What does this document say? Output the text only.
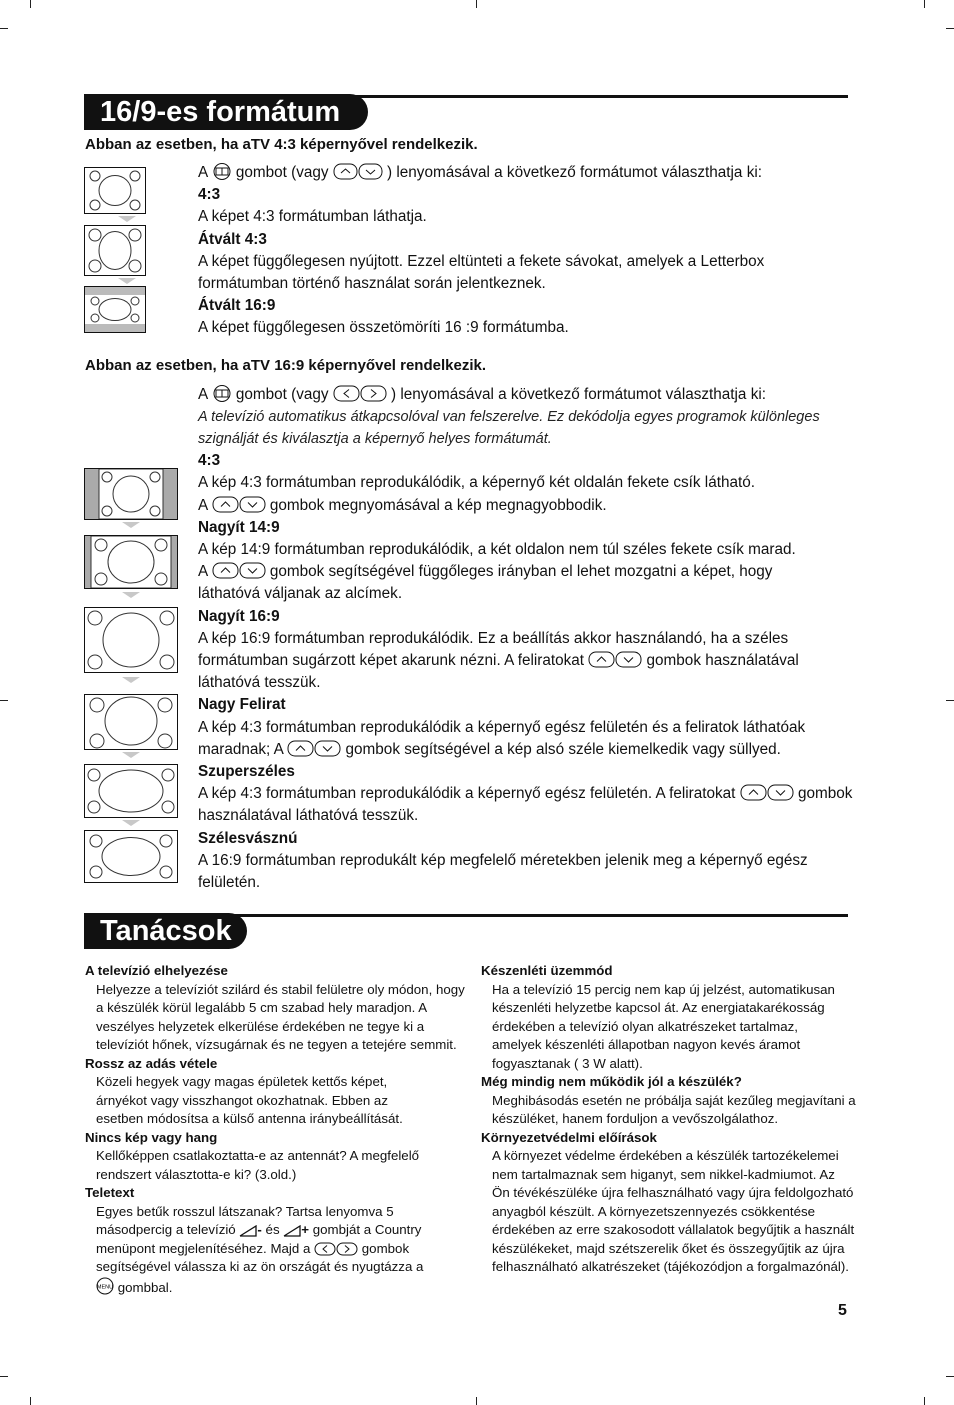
16/9-es formátum
Abban az esetben, ha aTV 4:3 képernyővel rendelkezik.

A gombot (vagy	) lenyomásával a következő formátumot választhatja ki:

4:3

A képet 4:3 formátumban láthatja.

Átvált 4:3

A képet függőlegesen nyújtott. Ezzel eltünteti a fekete sávokat, amelyek a Letterbox formátumban történő használat során jelentkeznek.

Átvált 16:9

A képet függőlegesen összetömöríti 16 :9 formátumba.

Abban az esetben, ha aTV 16:9 képernyővel rendelkezik.

A gombot (vagy	) lenyomásával a következő formátumot választhatja ki:

A televízió automatikus átkapcsolóval van felszerelve. Ez dekódolja egyes programok különleges szignálját és kiválasztja a képernyő helyes formátumát.

4:3

A kép 4:3 formátumban reprodukálódik, a képernyő két oldalán fekete csík látható.

A	gombok megnyomásával a kép megnagyobbodik.

Nagyít 14:9

A kép 14:9 formátumban reprodukálódik, a két oldalon nem túl széles fekete csík marad.

A	gombok segítségével függőleges irányban el lehet mozgatni a képet, hogy láthatóvá váljanak az alcímek.

Nagyít 16:9

A kép 16:9 formátumban reprodukálódik. Ez a beállítás akkor használandó, ha a széles formátumban sugárzott képet akarunk nézni. A feliratokat	gombok használatával láthatóvá tesszük.

Nagy Felirat

A kép 4:3 formátumban reprodukálódik a képernyő egész felületén és a feliratok láthatóak maradnak; A	gombok segítségével a kép alsó széle kiemelkedik vagy süllyed.

Szuperszéles

A kép 4:3 formátumban reprodukálódik a képernyő egész felületén. A feliratokat	gombok használatával láthatóvá tesszük.

Szélesvásznú

A 16:9 formátumban reprodukált kép megfelelő méretekben jelenik meg a képernyő egész felületén.

Tanácsok

A televízió elhelyezése

Helyezze a televíziót szilárd és stabil felületre oly módon, hogy a készülék körül legalább 5 cm szabad hely maradjon. A veszélyes helyzetek elkerülése érdekében ne tegye ki a televíziót hőnek, vízsugárnak és ne tegyen a tetejére semmit.

Rossz az adás vétele

Közeli hegyek vagy magas épületek kettős képet, árnyékot vagy visszhangot okozhatnak. Ebben az esetben módosítsa a külső antenna iránybeállítását.

Nincs kép vagy hang

Kellőképpen csatlakoztatta-e az antennát? A megfelelő rendszert választotta-e ki? (3.old.)

Teletext

Egyes betűk rosszul látszanak? Tartsa lenyomva 5 másodpercig a televízió - és + gombját a Country menüpont megjelenítéséhez. Majd a	gombok segítségével válassza ki az ön országát és nyugtázza a
MENU gombbal.

Készenléti üzemmód

Ha a televízió 15 percig nem kap új jelzést, automatikusan készenléti helyzetbe kapcsol át. Az energiatakarékosság érdekében a televízió olyan alkatrészeket tartalmaz, amelyek készenléti állapotban nagyon kevés áramot fogyasztanak ( 3 W alatt).

Még mindig nem működik jól a készülék?

Meghibásodás esetén ne próbálja saját kezűleg megjavítani a készüléket, hanem forduljon a vevőszolgálathoz.

Környezetvédelmi előírások

A környezet védelme érdekében a készülék tartozékelemei nem tartalmaznak sem higanyt, sem nikkel-kadmiumot. Az Ön tévékészüléke újra felhasználható vagy újra feldolgozható anyagból készült. A környezetszennyezés csökkentése érdekében az erre szakosodott vállalatok begyűjtik a használt készülékeket, majd szétszerelik őket és összegyűjtik az újra felhasználható alkatrészeket (tájékozódjon a forgalmazónál).

5
